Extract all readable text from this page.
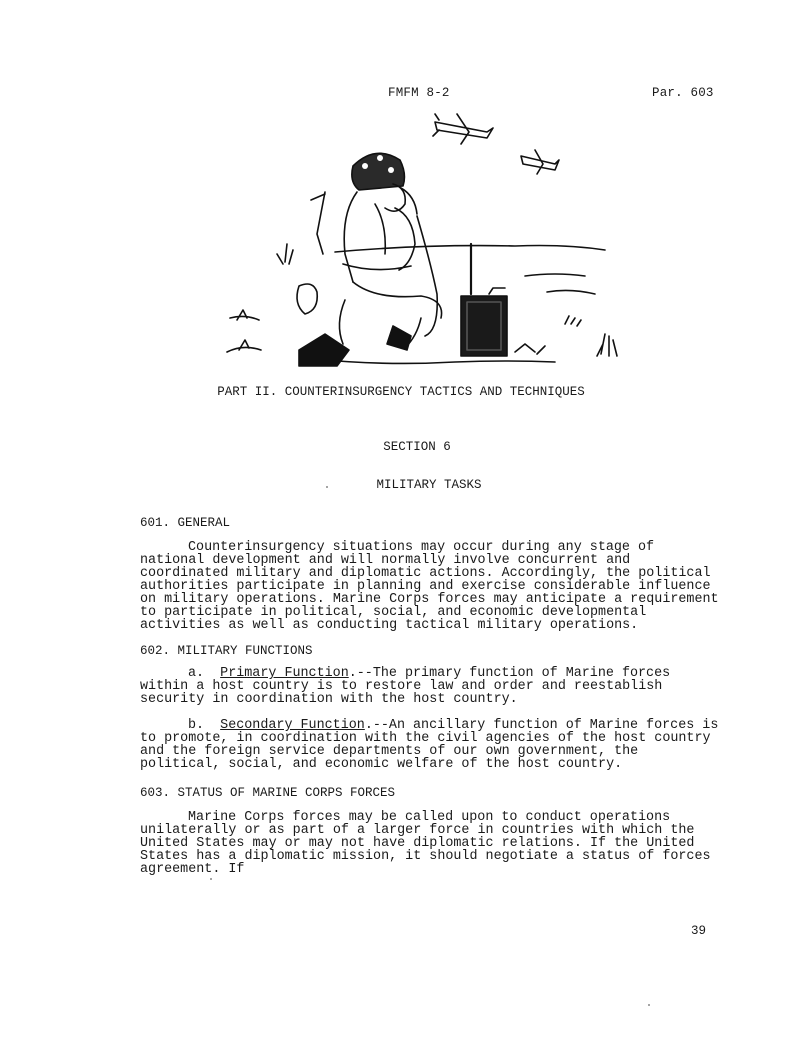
FMFM 8-2	Par. 603
PART II. COUNTERINSURGENCY TACTICS AND TECHNIQUES
SECTION 6
MILITARY TASKS
601. GENERAL

Counterinsurgency situations may occur during any stage of national development and will normally involve concurrent and coordinated military and diplomatic actions. Accordingly, the political authorities participate in planning and exercise considerable influence on military operations. Marine Corps forces may anticipate a requirement to participate in political, social, and economic developmental activities as well as conducting tactical military operations.

602. MILITARY FUNCTIONS

a. Primary Function.--The primary function of Marine forces within a host country is to restore law and order and reestablish security in coordination with the host country.

b. Secondary Function.--An ancillary function of Marine forces is to promote, in coordination with the civil agencies of the host country and the foreign service departments of our own government, the political, social, and economic welfare of the host country.

603. STATUS OF MARINE CORPS FORCES

Marine Corps forces may be called upon to conduct operations unilaterally or as part of a larger force in countries with which the United States may or may not have diplomatic relations. If the United States has a diplomatic mission, it should negotiate a status of forces agreement. If

39
